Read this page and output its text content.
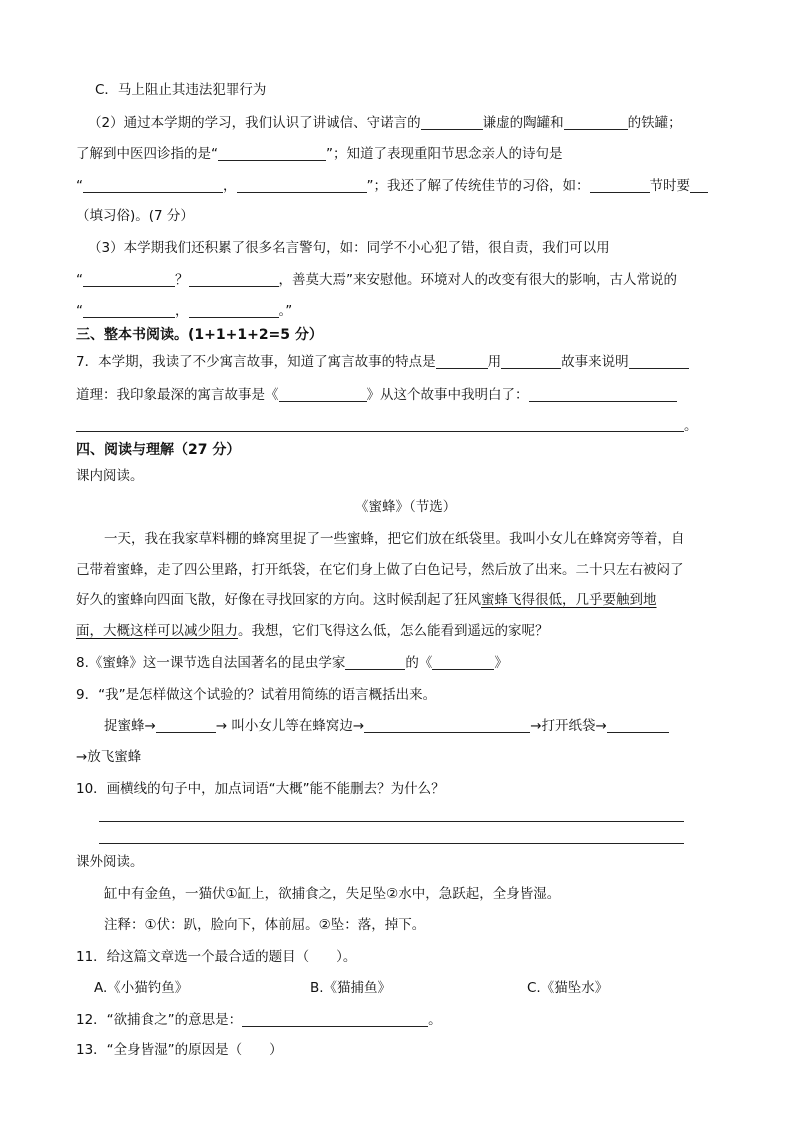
C．马上阻止其违法犯罪行为
（2）通过本学期的学习，我们认识了讲诚信、守诺言的	谦虚的陶罐和	的铁罐；
了解到中医四诊指的是“	”；知道了表现重阳节思念亲人的诗句是
“	，	”；我还了解了传统佳节的习俗，如：	节时要
（填习俗)。(7 分）
（3）本学期我们还积累了很多名言警句，如：同学不小心犯了错，很自责，我们可以用
“	？	，善莫大焉”来安慰他。环境对人的改变有很大的影响，古人常说的
“	，	。”
三、整本书阅读。(1+1+1+2=5 分）
7．本学期，我读了不少寓言故事，知道了寓言故事的特点是	用	故事来说明
道理：我印象最深的寓言故事是《	》从这个故事中我明白了：
。
四、阅读与理解（27 分）
课内阅读。
《蜜蜂》（节选）
一天，我在我家草料棚的蜂窝里捉了一些蜜蜂，把它们放在纸袋里。我叫小女儿在蜂窝旁等着，自
己带着蜜蜂，走了四公里路，打开纸袋，在它们身上做了白色记号，然后放了出来。二十只左右被闷了
好久的蜜蜂向四面飞散，好像在寻找回家的方向。这时候刮起了狂风蜜蜂飞得很低，几乎要触到地
面，大概这样可以减少阻力。我想，它们飞得这么低，怎么能看到遥远的家呢？
8.《蜜蜂》这一课节选自法国著名的昆虫学家	的《	》
9．“我”是怎样做这个试验的？试着用简练的语言概括出来。
捉蜜蜂→	→ 叫小女儿等在蜂窝边→	→打开纸袋→
→放飞蜜蜂
10．画横线的句子中，加点词语“大概”能不能删去？为什么？
课外阅读。
缸中有金鱼，一猫伏①缸上，欲捕食之，失足坠②水中，急跃起，全身皆湿。
注释：①伏：趴，脸向下，体前屈。②坠：落，掉下。
11．给这篇文章选一个最合适的题目（　　）。
A.《小猫钓鱼》	B.《猫捕鱼》	C.《猫坠水》
12．“欲捕食之”的意思是：	。
13．“全身皆湿”的原因是（　　）
